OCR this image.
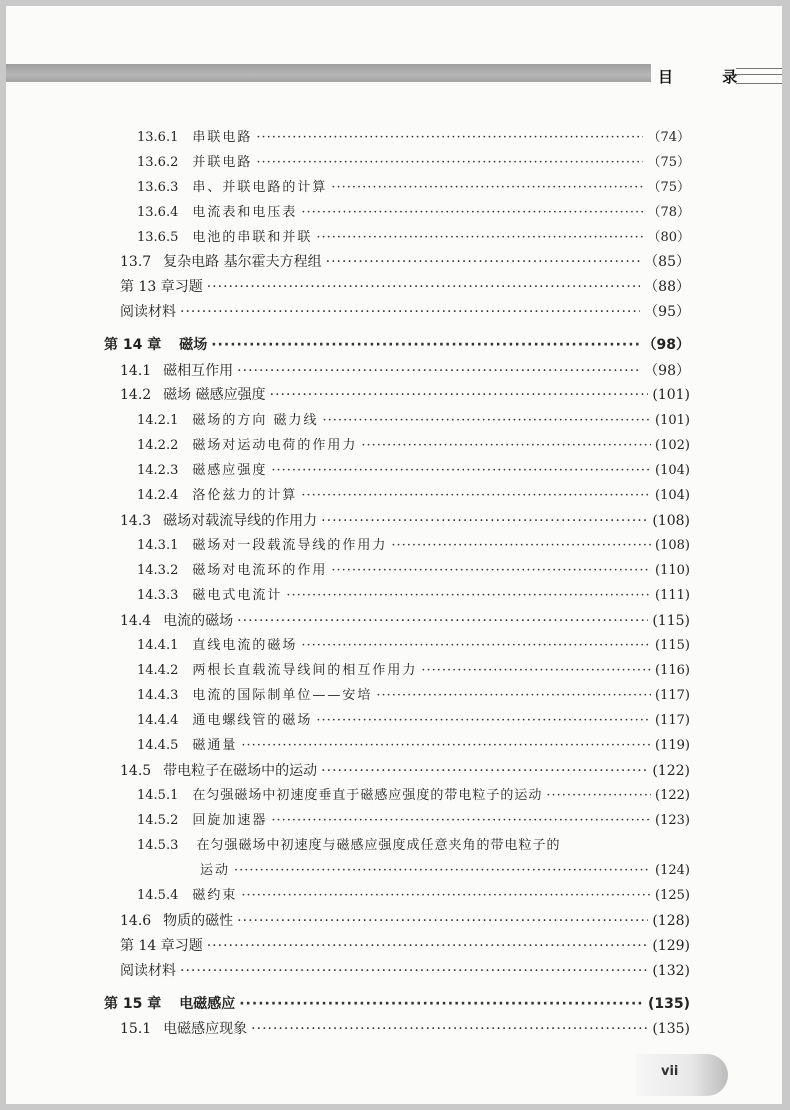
目 录
13.6.1 串联电路 ·····	（74）
13.6.2 并联电路 ·····	（75）
13.6.3 串、并联电路的计算 ·····	（75）
13.6.4 电流表和电压表 ·····	（78）
13.6.5 电池的串联和并联 ·····	（80）
13.7 复杂电路 基尔霍夫方程组 ·····	（85）
第 13 章习题 ·····	（88）
阅读材料 ·····	（95）
第 14 章 磁场 ·····	（98）
14.1 磁相互作用 ·····	（98）
14.2 磁场 磁感应强度 ·····	(101)
14.2.1 磁场的方向 磁力线 ·····	(101)
14.2.2 磁场对运动电荷的作用力 ·····	(102)
14.2.3 磁感应强度 ·····	(104)
14.2.4 洛伦兹力的计算 ·····	(104)
14.3 磁场对载流导线的作用力 ·····	(108)
14.3.1 磁场对一段载流导线的作用力 ·····	(108)
14.3.2 磁场对电流环的作用 ·····	(110)
14.3.3 磁电式电流计 ·····	(111)
14.4 电流的磁场 ·····	(115)
14.4.1 直线电流的磁场 ·····	(115)
14.4.2 两根长直载流导线间的相互作用力 ·····	(116)
14.4.3 电流的国际制单位——安培 ·····	(117)
14.4.4 通电螺线管的磁场 ·····	(117)
14.4.5 磁通量 ·····	(119)
14.5 带电粒子在磁场中的运动 ·····	(122)
14.5.1 在匀强磁场中初速度垂直于磁感应强度的带电粒子的运动 ·····	(122)
14.5.2 回旋加速器 ·····	(123)
14.5.3 在匀强磁场中初速度与磁感应强度成任意夹角的带电粒子的
运动 ·····	(124)
14.5.4 磁约束 ·····	(125)
14.6 物质的磁性 ·····	(128)
第 14 章习题 ·····	(129)
阅读材料 ·····	(132)
第 15 章 电磁感应 ·····	(135)
15.1 电磁感应现象 ·····	(135)
vii
